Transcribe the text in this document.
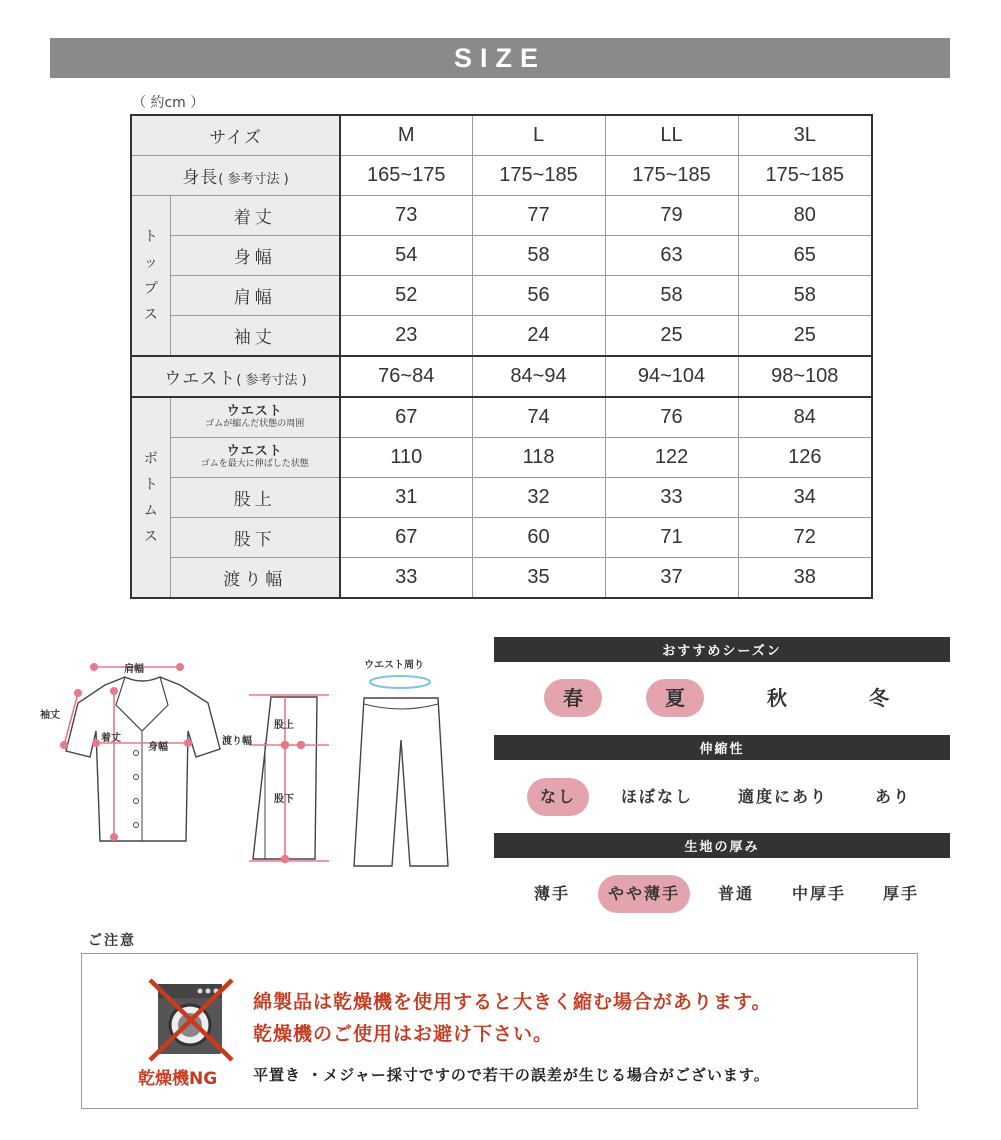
SIZE
（ 約cm ）
サイズ		M	L	LL	3L
身長( 参考寸法 )		165~175	175~185	175~185	175~185

ト
ッ
プ
ス	着丈	73	77	79	80
	身幅	54	58	63	65
	肩幅	52	56	58	58
	袖丈	23	24	25	25
ウエスト( 参考寸法 )		76~84	84~94	94~104	98~108

ボ
ト
ム
ス	ウエスト
ゴムが縮んだ状態の周囲	67	74	76	84

	ウエスト
ゴムを最大に伸ばした状態	110	118	122	126
	股上	31	32	33	34
	股下	67	60	71	72
	渡り幅	33	35	37	38
肩幅
袖丈
着丈
身幅
渡り幅
股上
股下
ウエスト周り
おすすめシーズン
春	夏	秋	冬
伸縮性
なし	ほぼなし	適度にあり	あり
生地の厚み
薄手	やや薄手	普通	中厚手	厚手
ご注意
乾燥機NG
綿製品は乾燥機を使用すると大きく縮む場合があります。
乾燥機のご使用はお避け下さい。
平置き ・メジャー採寸ですので若干の誤差が生じる場合がございます。
